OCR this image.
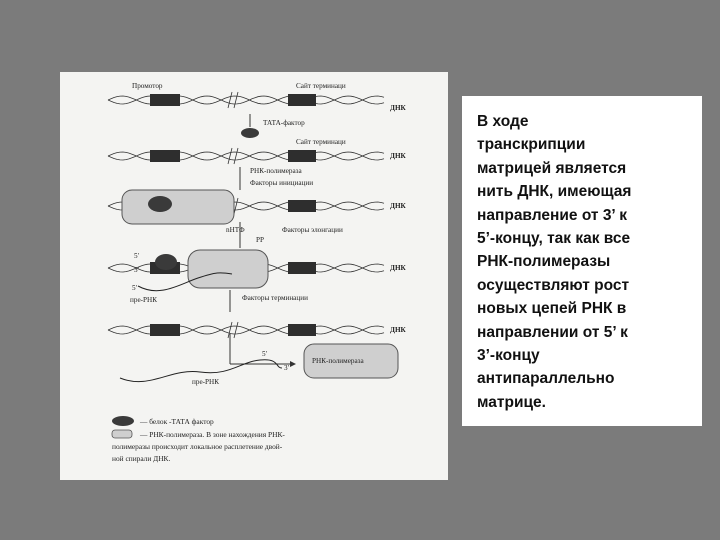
Промотор	Сайт терминаци
ДНК
ТАТА-фактор
Сайт терминаци
ДНК
РНК-полимераза
Факторы инициации
ДНК
nНТФ
PP
Факторы элонгации
5'
3'
5'
пре-РНК
ДНК
Факторы терминации
ДНК
РНК-полимераза
5'
3'
пре-РНК
— белок -ТАТА фактор
— РНК-полимераза. В зоне нахождения РНК-
полимеразы происходит локальное расплетение двой-
ной спирали ДНК.

В ходе
транскрипции
матрицей является
нить ДНК, имеющая
направление от 3’ к
5’-концу, так как все
РНК-полимеразы
осуществляют рост
новых цепей РНК в
направлении от 5’ к
3’-концу
антипараллельно
матрице.
